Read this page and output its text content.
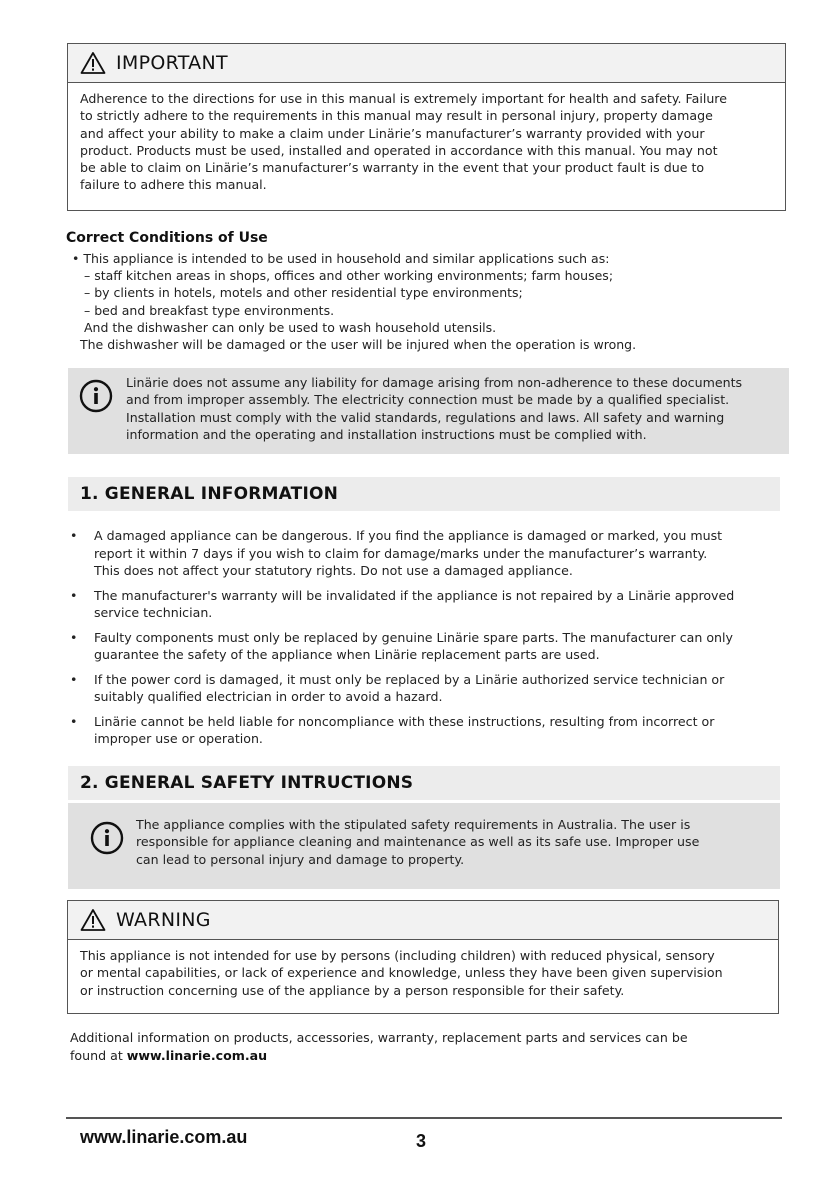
IMPORTANT
Adherence to the directions for use in this manual is extremely important for health and safety. Failure
to strictly adhere to the requirements in this manual may result in personal injury, property damage
and affect your ability to make a claim under Linärie’s manufacturer’s warranty provided with your
product. Products must be used, installed and operated in accordance with this manual. You may not
be able to claim on Linärie’s manufacturer’s warranty in the event that your product fault is due to
failure to adhere this manual.
Correct Conditions of Use
• This appliance is intended to be used in household and similar applications such as:
– staff kitchen areas in shops, offices and other working environments; farm houses;
– by clients in hotels, motels and other residential type environments;
– bed and breakfast type environments.
And the dishwasher can only be used to wash household utensils.
The dishwasher will be damaged or the user will be injured when the operation is wrong.
Linärie does not assume any liability for damage arising from non-adherence to these documents
and from improper assembly. The electricity connection must be made by a qualified specialist.
Installation must comply with the valid standards, regulations and laws. All safety and warning
information and the operating and installation instructions must be complied with.
1. GENERAL INFORMATION
• A damaged appliance can be dangerous. If you find the appliance is damaged or marked, you must
report it within 7 days if you wish to claim for damage/marks under the manufacturer’s warranty.
This does not affect your statutory rights. Do not use a damaged appliance.
• The manufacturer's warranty will be invalidated if the appliance is not repaired by a Linärie approved
service technician.
• Faulty components must only be replaced by genuine Linärie spare parts. The manufacturer can only
guarantee the safety of the appliance when Linärie replacement parts are used.
• If the power cord is damaged, it must only be replaced by a Linärie authorized service technician or
suitably qualified electrician in order to avoid a hazard.
• Linärie cannot be held liable for noncompliance with these instructions, resulting from incorrect or
improper use or operation.
2. GENERAL SAFETY INTRUCTIONS
The appliance complies with the stipulated safety requirements in Australia. The user is
responsible for appliance cleaning and maintenance as well as its safe use. Improper use
can lead to personal injury and damage to property.
WARNING
This appliance is not intended for use by persons (including children) with reduced physical, sensory
or mental capabilities, or lack of experience and knowledge, unless they have been given supervision
or instruction concerning use of the appliance by a person responsible for their safety.
Additional information on products, accessories, warranty, replacement parts and services can be
found at www.linarie.com.au
www.linarie.com.au	3
